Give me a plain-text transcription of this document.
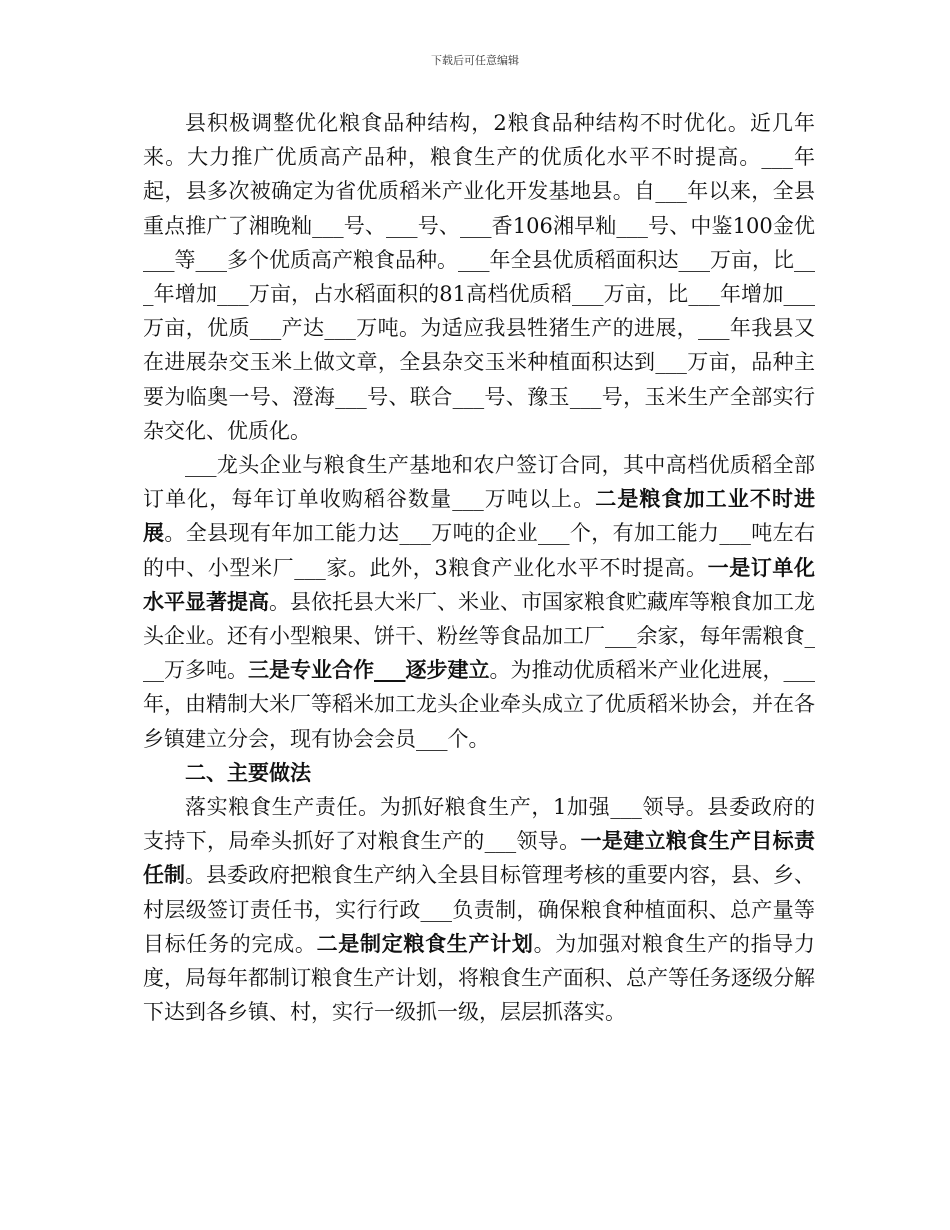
下载后可任意编辑

县积极调整优化粮食品种结构，2粮食品种结构不时优化。近几年来。大力推广优质高产品种，粮食生产的优质化水平不时提高。___年起，县多次被确定为省优质稻米产业化开发基地县。自___年以来，全县重点推广了湘晚籼___号、___号、___香106湘早籼___号、中鉴100金优___等___多个优质高产粮食品种。___年全县优质稻面积达___万亩，比___年增加___万亩，占水稻面积的81高档优质稻___万亩，比___年增加___万亩，优质___产达___万吨。为适应我县牲猪生产的进展，___年我县又在进展杂交玉米上做文章，全县杂交玉米种植面积达到___万亩，品种主要为临奥一号、澄海___号、联合___号、豫玉___号，玉米生产全部实行杂交化、优质化。

___龙头企业与粮食生产基地和农户签订合同，其中高档优质稻全部订单化，每年订单收购稻谷数量___万吨以上。二是粮食加工业不时进展。全县现有年加工能力达___万吨的企业___个，有加工能力___吨左右的中、小型米厂___家。此外，3粮食产业化水平不时提高。一是订单化水平显著提高。县依托县大米厂、米业、市国家粮食贮藏库等粮食加工龙头企业。还有小型粮果、饼干、粉丝等食品加工厂___余家，每年需粮食___万多吨。三是专业合作___逐步建立。为推动优质稻米产业化进展，___年，由精制大米厂等稻米加工龙头企业牵头成立了优质稻米协会，并在各乡镇建立分会，现有协会会员___个。

二、主要做法

落实粮食生产责任。为抓好粮食生产，1加强___领导。县委政府的支持下，局牵头抓好了对粮食生产的___领导。一是建立粮食生产目标责任制。县委政府把粮食生产纳入全县目标管理考核的重要内容，县、乡、村层级签订责任书，实行行政___负责制，确保粮食种植面积、总产量等目标任务的完成。二是制定粮食生产计划。为加强对粮食生产的指导力度，局每年都制订粮食生产计划，将粮食生产面积、总产等任务逐级分解下达到各乡镇、村，实行一级抓一级，层层抓落实。
